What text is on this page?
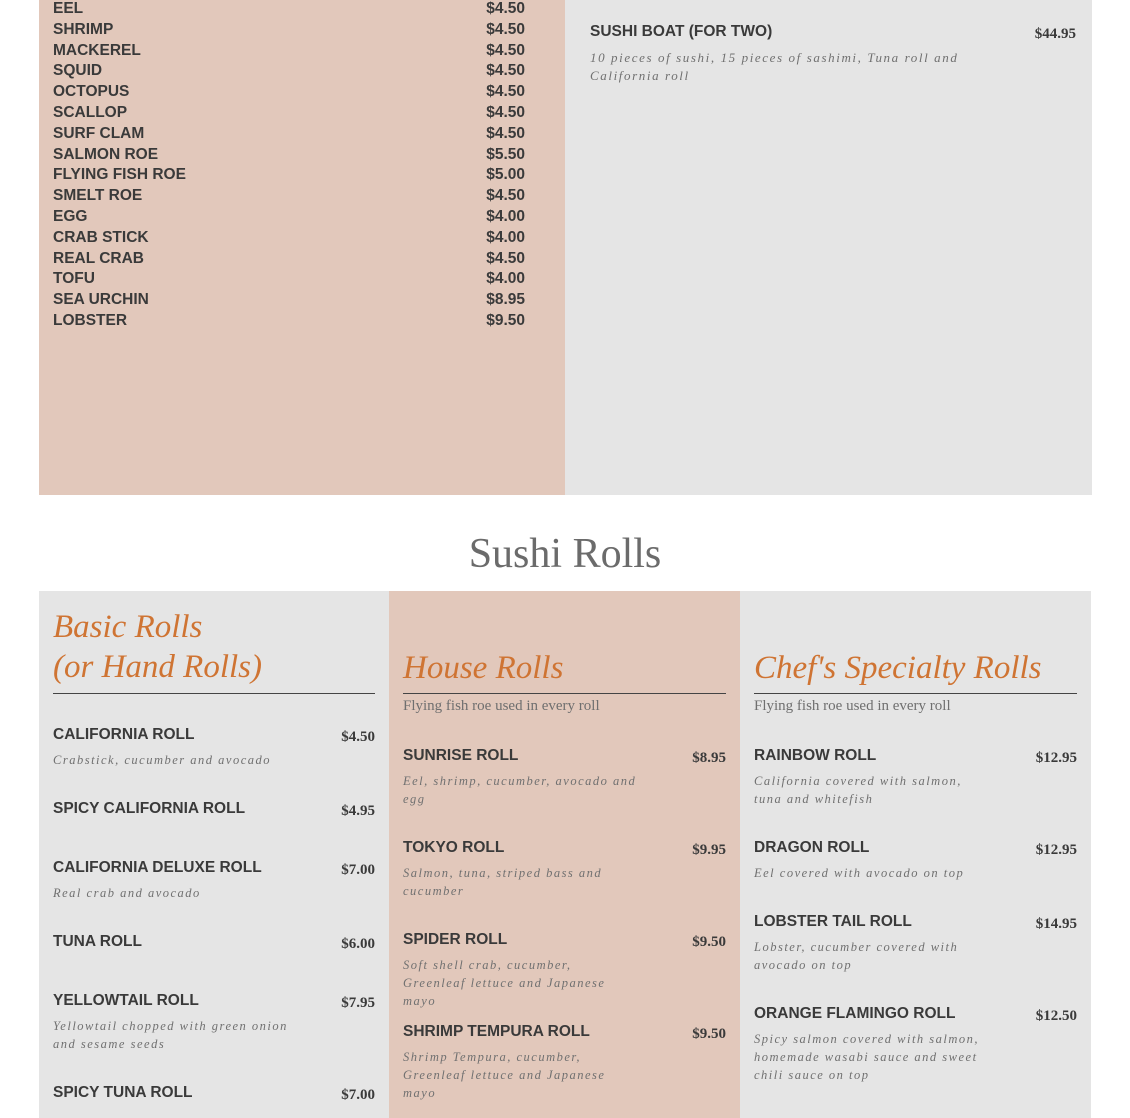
EEL	$4.50
SHRIMP	$4.50
MACKEREL	$4.50
SQUID	$4.50
OCTOPUS	$4.50
SCALLOP	$4.50
SURF CLAM	$4.50
SALMON ROE	$5.50
FLYING FISH ROE	$5.00
SMELT ROE	$4.50
EGG	$4.00
CRAB STICK	$4.00
REAL CRAB	$4.50
TOFU	$4.00
SEA URCHIN	$8.95
LOBSTER	$9.50
SUSHI BOAT (FOR TWO)	$44.95
10 pieces of sushi, 15 pieces of sashimi, Tuna roll and California roll
Sushi Rolls
Basic Rolls
(or Hand Rolls)
CALIFORNIA ROLL	$4.50
Crabstick, cucumber and avocado
SPICY CALIFORNIA ROLL	$4.95
CALIFORNIA DELUXE ROLL	$7.00
Real crab and avocado
TUNA ROLL	$6.00
YELLOWTAIL ROLL	$7.95
Yellowtail chopped with green onion and sesame seeds
SPICY TUNA ROLL	$7.00
House Rolls
Flying fish roe used in every roll
SUNRISE ROLL	$8.95
Eel, shrimp, cucumber, avocado and egg
TOKYO ROLL	$9.95
Salmon, tuna, striped bass and cucumber
SPIDER ROLL	$9.50
Soft shell crab, cucumber, Greenleaf lettuce and Japanese mayo
SHRIMP TEMPURA ROLL	$9.50
Shrimp Tempura, cucumber, Greenleaf lettuce and Japanese mayo
Chef's Specialty Rolls
Flying fish roe used in every roll
RAINBOW ROLL	$12.95
California covered with salmon, tuna and whitefish
DRAGON ROLL	$12.95
Eel covered with avocado on top
LOBSTER TAIL ROLL	$14.95
Lobster, cucumber covered with avocado on top
ORANGE FLAMINGO ROLL	$12.50
Spicy salmon covered with salmon, homemade wasabi sauce and sweet chili sauce on top
